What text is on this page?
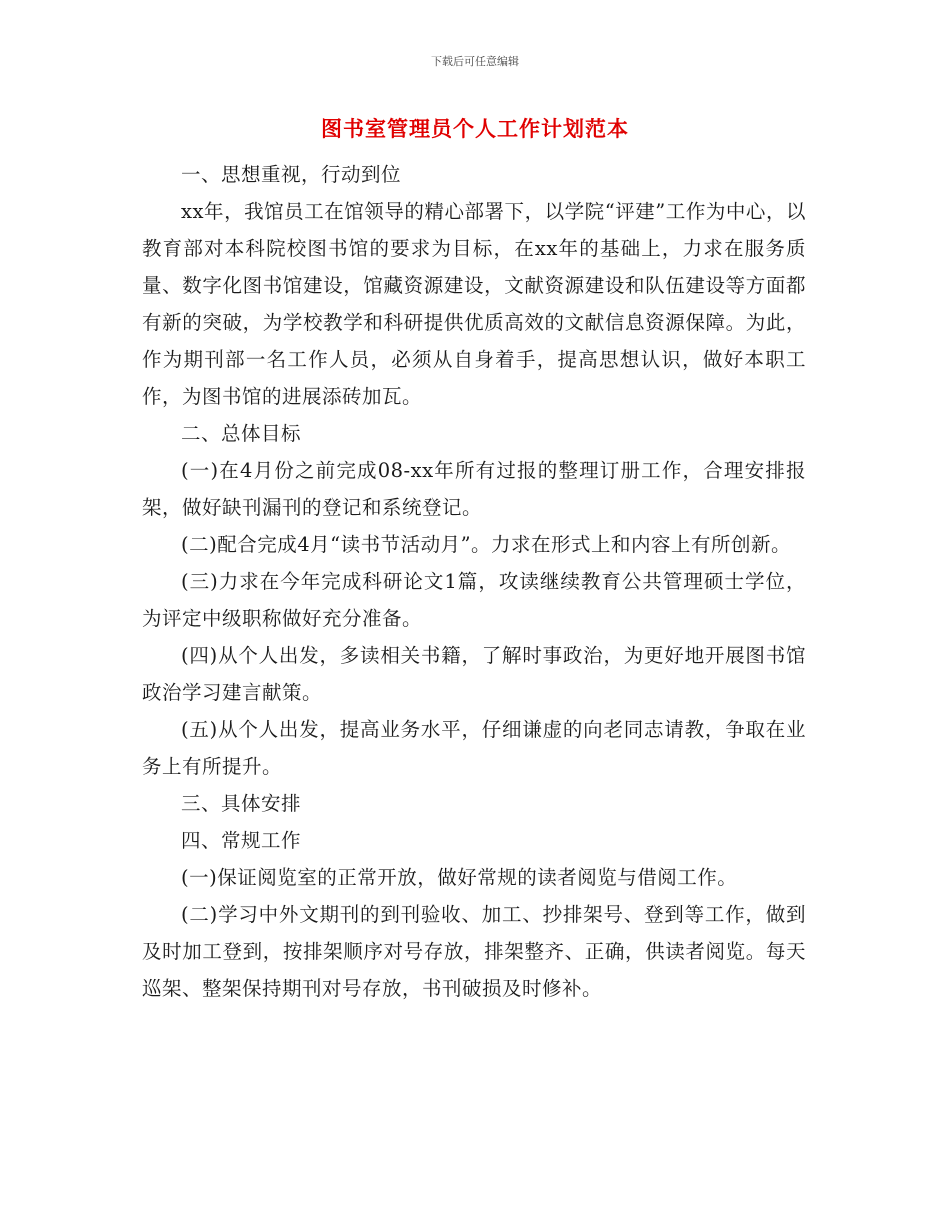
下载后可任意编辑
图书室管理员个人工作计划范本

一、思想重视，行动到位

xx年，我馆员工在馆领导的精心部署下，以学院“评建”工作为中心，以教育部对本科院校图书馆的要求为目标，在xx年的基础上，力求在服务质量、数字化图书馆建设，馆藏资源建设，文献资源建设和队伍建设等方面都有新的突破，为学校教学和科研提供优质高效的文献信息资源保障。为此，作为期刊部一名工作人员，必须从自身着手，提高思想认识，做好本职工作，为图书馆的进展添砖加瓦。

二、总体目标

(一)在4月份之前完成08-xx年所有过报的整理订册工作，合理安排报架，做好缺刊漏刊的登记和系统登记。

(二)配合完成4月“读书节活动月”。力求在形式上和内容上有所创新。

(三)力求在今年完成科研论文1篇，攻读继续教育公共管理硕士学位，为评定中级职称做好充分准备。

(四)从个人出发，多读相关书籍，了解时事政治，为更好地开展图书馆政治学习建言献策。

(五)从个人出发，提高业务水平，仔细谦虚的向老同志请教，争取在业务上有所提升。

三、具体安排

四、常规工作

(一)保证阅览室的正常开放，做好常规的读者阅览与借阅工作。

(二)学习中外文期刊的到刊验收、加工、抄排架号、登到等工作，做到及时加工登到，按排架顺序对号存放，排架整齐、正确，供读者阅览。每天巡架、整架保持期刊对号存放，书刊破损及时修补。
